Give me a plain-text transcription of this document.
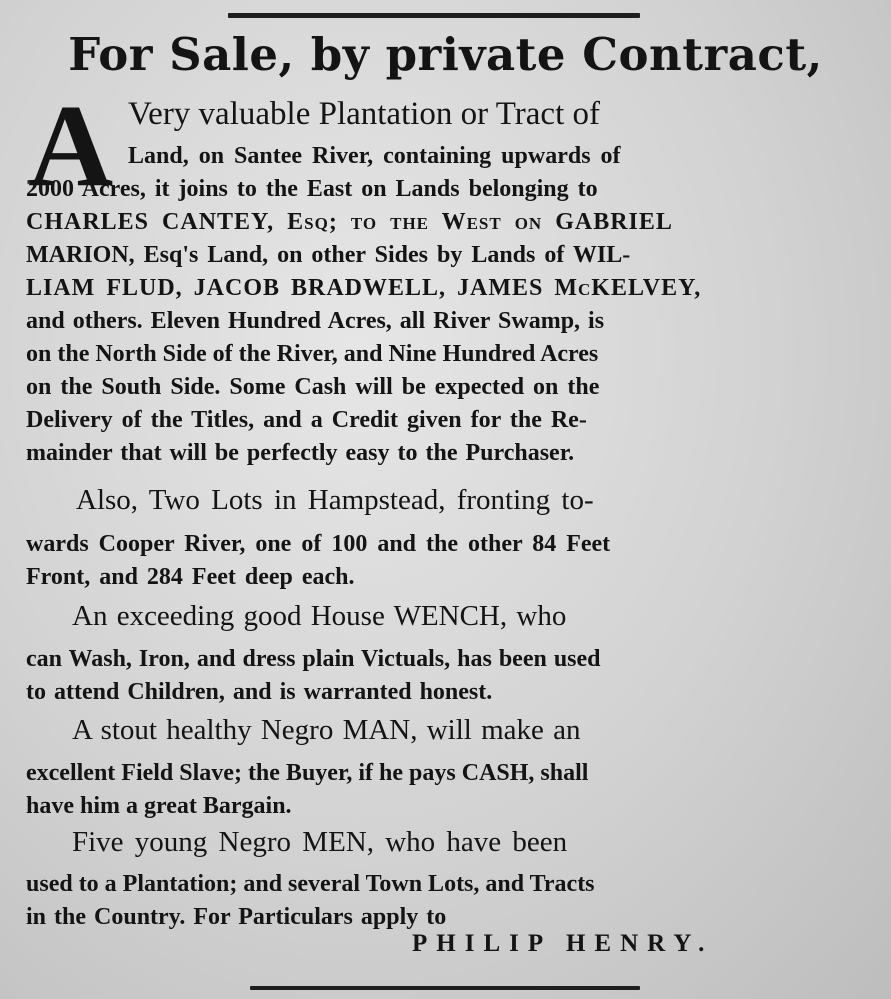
For Sale, by private Contract,
A Very valuable Plantation or Tract of
Land, on Santee River, containing upwards of
2000 Acres, it joins to the East on Lands belonging to
CHARLES CANTEY, Esq; to the West on GABRIEL
MARION, Esq's Land, on other Sides by Lands of WIL-
LIAM FLUD, JACOB BRADWELL, JAMES McKELVEY,
and others. Eleven Hundred Acres, all River Swamp, is
on the North Side of the River, and Nine Hundred Acres
on the South Side. Some Cash will be expected on the
Delivery of the Titles, and a Credit given for the Re-
mainder that will be perfectly easy to the Purchaser.
Also, Two Lots in Hampstead, fronting to-
wards Cooper River, one of 100 and the other 84 Feet
Front, and 284 Feet deep each.
An exceeding good House WENCH, who
can Wash, Iron, and dress plain Victuals, has been used
to attend Children, and is warranted honest.
A stout healthy Negro MAN, will make an
excellent Field Slave; the Buyer, if he pays CASH, shall
have him a great Bargain.
Five young Negro MEN, who have been
used to a Plantation; and several Town Lots, and Tracts
in the Country. For Particulars apply to
PHILIP HENRY.
